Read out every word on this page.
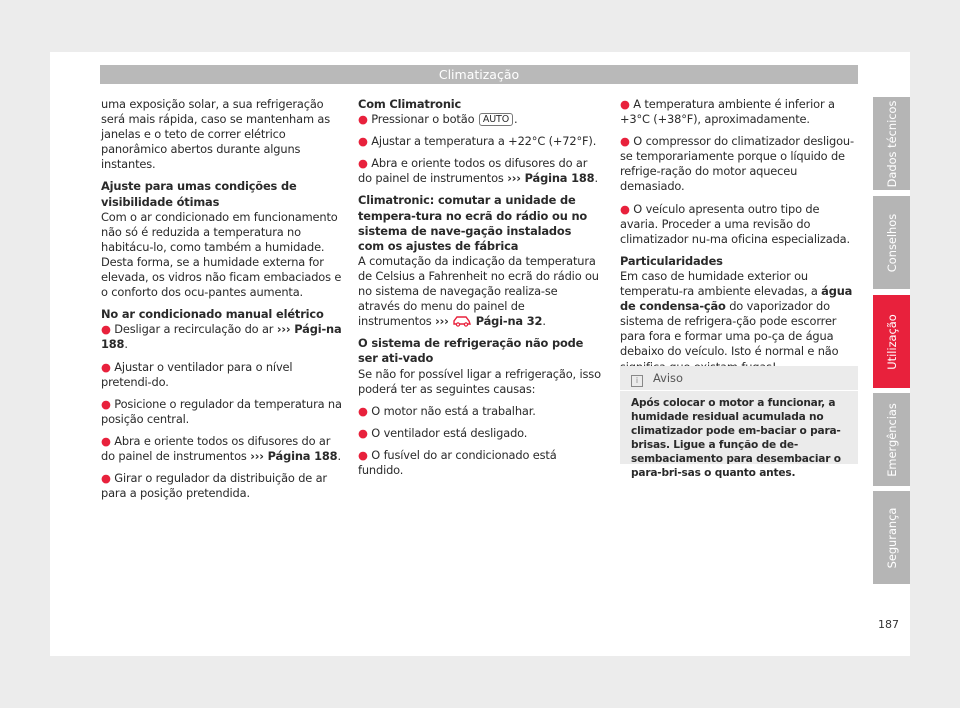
Climatização

uma exposição solar, a sua refrigeração será mais rápida, caso se mantenham as janelas e o teto de correr elétrico panorâmico abertos durante alguns instantes.

Ajuste para umas condições de visibilidade ótimas

Com o ar condicionado em funcionamento não só é reduzida a temperatura no habitácu-lo, como também a humidade. Desta forma, se a humidade externa for elevada, os vidros não ficam embaciados e o conforto dos ocu-pantes aumenta.

No ar condicionado manual elétrico

● Desligar a recirculação do ar ››› Pági-na 188.

● Ajustar o ventilador para o nível pretendi-do.

● Posicione o regulador da temperatura na posição central.

● Abra e oriente todos os difusores do ar do painel de instrumentos ››› Página 188.

● Girar o regulador da distribuição de ar para a posição pretendida.

Com Climatronic

● Pressionar o botão AUTO .

● Ajustar a temperatura a +22°C (+72°F).

● Abra e oriente todos os difusores do ar do painel de instrumentos ››› Página 188.

Climatronic: comutar a unidade de tempera-tura no ecrã do rádio ou no sistema de nave-gação instalados com os ajustes de fábrica

A comutação da indicação da temperatura de Celsius a Fahrenheit no ecrã do rádio ou no sistema de navegação realiza-se através do menu do painel de instrumentos ››› Pági-na 32.

O sistema de refrigeração não pode ser ati-vado

Se não for possível ligar a refrigeração, isso poderá ter as seguintes causas:

● O motor não está a trabalhar.

● O ventilador está desligado.

● O fusível do ar condicionado está fundido.

● A temperatura ambiente é inferior a +3°C (+38°F), aproximadamente.

● O compressor do climatizador desligou-se temporariamente porque o líquido de refrige-ração do motor aqueceu demasiado.

● O veículo apresenta outro tipo de avaria. Proceder a uma revisão do climatizador nu-ma oficina especializada.

Particularidades

Em caso de humidade exterior ou temperatu-ra ambiente elevadas, a água de condensa-ção do vaporizador do sistema de refrigera-ção pode escorrer para fora e formar uma po-ça de água debaixo do veículo. Isto é normal e não

i Aviso
Após colocar o motor a funcionar, a humidade residual acumulada no climatizador pode em-baciar o para-brisas. Ligue a função de de-sembaciamento para desembaciar o para-bri-sas o quanto antes.
Dados técnicos
Conselhos
Utilização
Emergências
Segurança
187
